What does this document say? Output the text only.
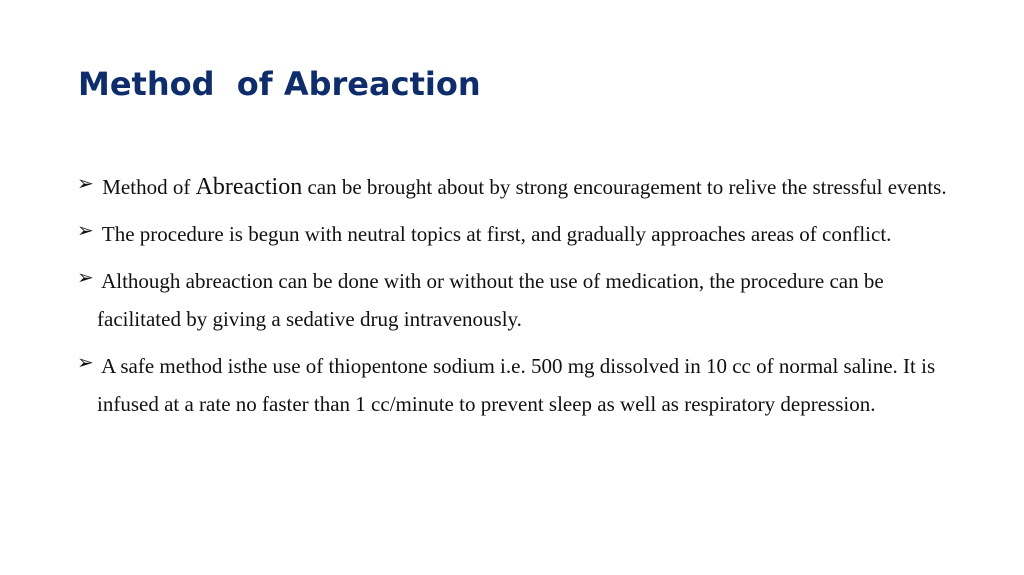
Method  of Abreaction
➢ Method of Abreaction can be brought about by strong encouragement to relive the stressful events.
➢ The procedure is begun with neutral topics at first, and gradually approaches areas of conflict.
➢ Although abreaction can be done with or without the use of medication, the procedure can be facilitated by giving a sedative drug intravenously.
➢ A safe method isthe use of thiopentone sodium i.e. 500 mg dissolved in 10 cc of normal saline. It is infused at a rate no faster than 1 cc/minute to prevent sleep as well as respiratory depression.
